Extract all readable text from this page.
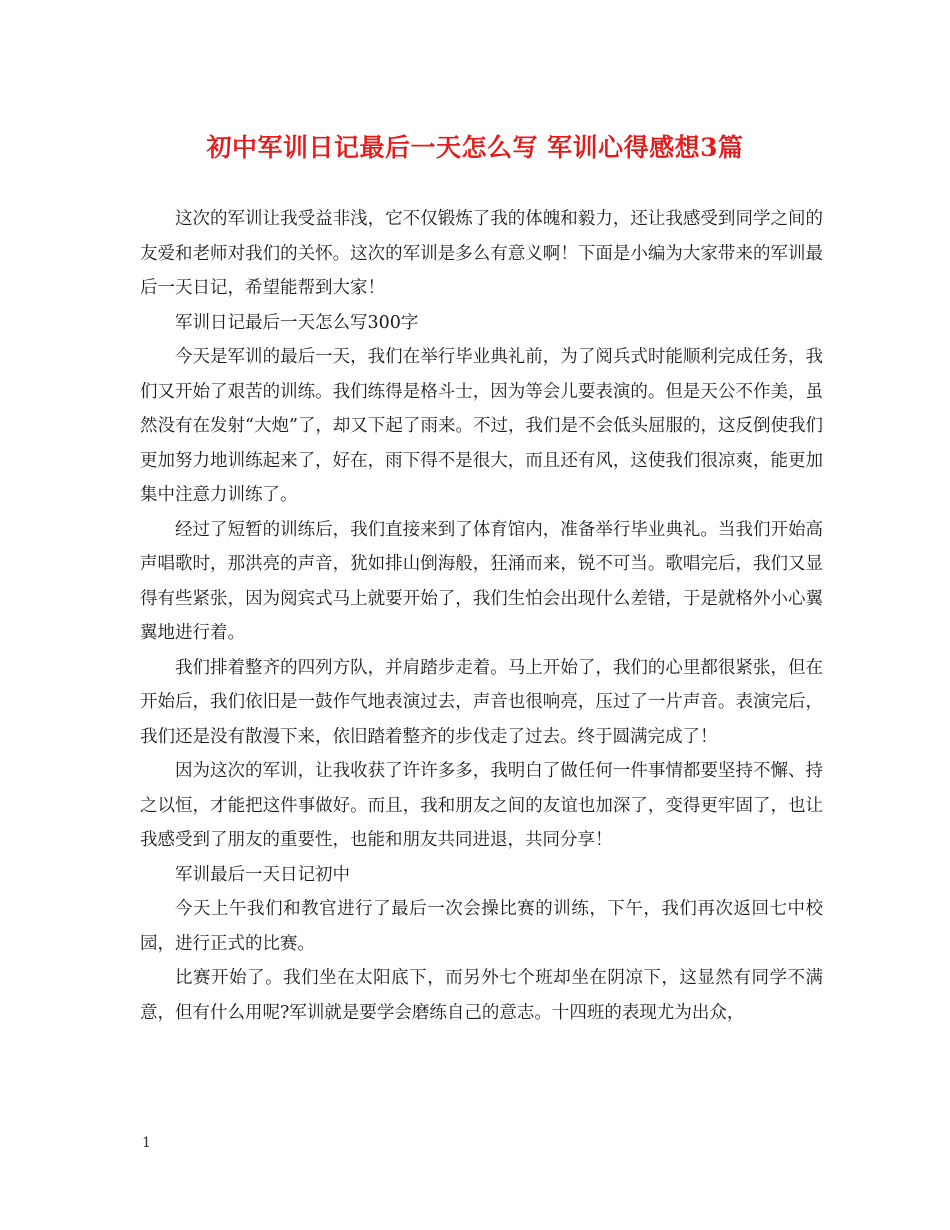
初中军训日记最后一天怎么写 军训心得感想3篇

这次的军训让我受益非浅，它不仅锻炼了我的体魄和毅力，还让我感受到同学之间的友爱和老师对我们的关怀。这次的军训是多么有意义啊！下面是小编为大家带来的军训最后一天日记，希望能帮到大家！

军训日记最后一天怎么写300字

今天是军训的最后一天，我们在举行毕业典礼前，为了阅兵式时能顺利完成任务，我们又开始了艰苦的训练。我们练得是格斗士，因为等会儿要表演的。但是天公不作美，虽然没有在发射“大炮”了，却又下起了雨来。不过，我们是不会低头屈服的，这反倒使我们更加努力地训练起来了，好在，雨下得不是很大，而且还有风，这使我们很凉爽，能更加集中注意力训练了。

经过了短暂的训练后，我们直接来到了体育馆内，准备举行毕业典礼。当我们开始高声唱歌时，那洪亮的声音，犹如排山倒海般，狂涌而来，锐不可当。歌唱完后，我们又显得有些紧张，因为阅宾式马上就要开始了，我们生怕会出现什么差错，于是就格外小心翼翼地进行着。

我们排着整齐的四列方队，并肩踏步走着。马上开始了，我们的心里都很紧张，但在开始后，我们依旧是一鼓作气地表演过去，声音也很响亮，压过了一片声音。表演完后，我们还是没有散漫下来，依旧踏着整齐的步伐走了过去。终于圆满完成了！

因为这次的军训，让我收获了许许多多，我明白了做任何一件事情都要坚持不懈、持之以恒，才能把这件事做好。而且，我和朋友之间的友谊也加深了，变得更牢固了，也让我感受到了朋友的重要性，也能和朋友共同进退，共同分享！

军训最后一天日记初中

今天上午我们和教官进行了最后一次会操比赛的训练，下午，我们再次返回七中校园，进行正式的比赛。

比赛开始了。我们坐在太阳底下，而另外七个班却坐在阴凉下，这显然有同学不满意，但有什么用呢?军训就是要学会磨练自己的意志。十四班的表现尤为出众，

1
